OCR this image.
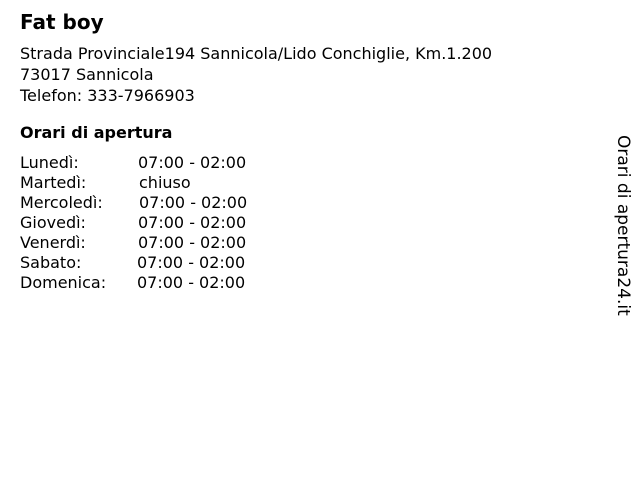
Fat boy
Strada Provinciale194 Sannicola/Lido Conchiglie, Km.1.200
73017 Sannicola
Telefon: 333-7966903
Orari di apertura
Lunedì:	07:00 - 02:00
Martedì:	chiuso
Mercoledì: 07:00 - 02:00
Giovedì:	07:00 - 02:00
Venerdì:	07:00 - 02:00
Sabato:	07:00 - 02:00
Domenica: 07:00 - 02:00	Orari di apertura24.it
